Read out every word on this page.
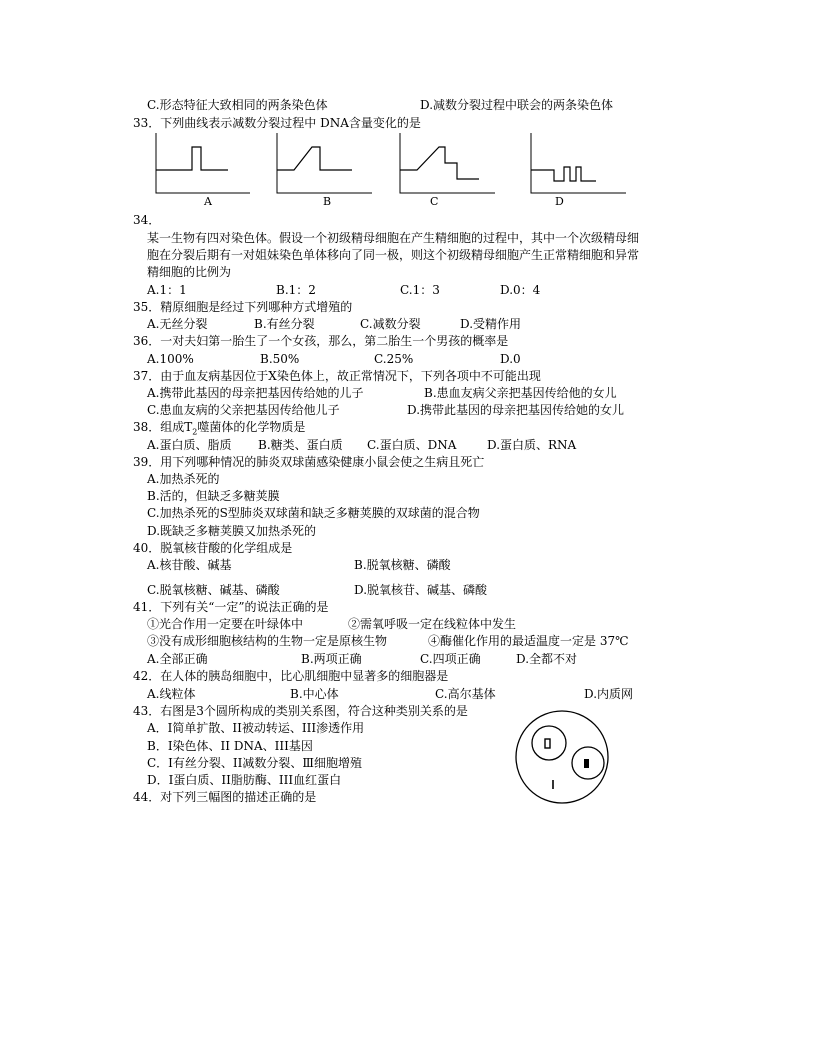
C.形态特征大致相同的两条染色体	D.减数分裂过程中联会的两条染色体
33．下列曲线表示减数分裂过程中 DNA含量变化的是
A	B	C	D
34．
某一生物有四对染色体。假设一个初级精母细胞在产生精细胞的过程中，其中一个次级精母细
胞在分裂后期有一对姐妹染色单体移向了同一极，则这个初级精母细胞产生正常精细胞和异常
精细胞的比例为
A.1：1	B.1：2	C.1：3	D.0：4
35．精原细胞是经过下列哪种方式增殖的
A.无丝分裂	B.有丝分裂	C.减数分裂	D.受精作用
36．一对夫妇第一胎生了一个女孩，那么，第二胎生一个男孩的概率是
A.100%	B.50%	C.25%	D.0
37．由于血友病基因位于X染色体上，故正常情况下，下列各项中不可能出现
A.携带此基因的母亲把基因传给她的儿子	B.患血友病父亲把基因传给他的女儿
C.患血友病的父亲把基因传给他儿子	D.携带此基因的母亲把基因传给她的女儿
38．组成$T_2$噬菌体的化学物质是
A.蛋白质、脂质 B.糖类、蛋白质 C.蛋白质、DNA	D.蛋白质、RNA
39．用下列哪种情况的肺炎双球菌感染健康小鼠会使之生病且死亡
A.加热杀死的
B.活的，但缺乏多糖荚膜
C.加热杀死的S型肺炎双球菌和缺乏多糖荚膜的双球菌的混合物
D.既缺乏多糖荚膜又加热杀死的
40．脱氧核苷酸的化学组成是
A.核苷酸、碱基	B.脱氧核糖、磷酸
C.脱氧核糖、碱基、磷酸	D.脱氧核苷、碱基、磷酸
41．下列有关“一定”的说法正确的是
①光合作用一定要在叶绿体中	②需氧呼吸一定在线粒体中发生
③没有成形细胞核结构的生物一定是原核生物	④酶催化作用的最适温度一定是 37℃
A.全部正确	B.两项正确	C.四项正确	D.全都不对
42．在人体的胰岛细胞中，比心肌细胞中显著多的细胞器是
A.线粒体	B.中心体	C.高尔基体	D.内质网
43．右图是3个圆所构成的类别关系图，符合这种类别关系的是
A．I简单扩散、II被动转运、III渗透作用
B．I染色体、II DNA、III基因
C．I有丝分裂、II减数分裂、Ⅲ细胞增殖
D．I蛋白质、II脂肪酶、III血红蛋白
44．对下列三幅图的描述正确的是
